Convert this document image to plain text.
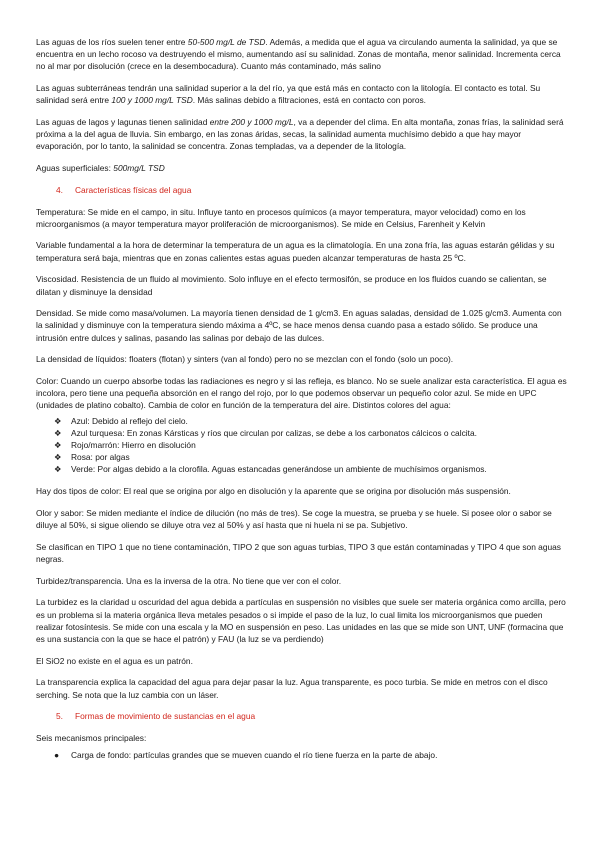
Las aguas de los ríos suelen tener entre 50-500 mg/L de TSD. Además, a medida que el agua va circulando aumenta la salinidad, ya que se encuentra en un lecho rocoso va destruyendo el mismo, aumentando así su salinidad. Zonas de montaña, menor salinidad. Incrementa cerca no al mar por disolución (crece en la desembocadura). Cuanto más contaminado, más salino

Las aguas subterráneas tendrán una salinidad superior a la del río, ya que está más en contacto con la litología. El contacto es total. Su salinidad será entre 100 y 1000 mg/L TSD. Más salinas debido a filtraciones, está en contacto con poros.

Las aguas de lagos y lagunas tienen salinidad entre 200 y 1000 mg/L, va a depender del clima. En alta montaña, zonas frías, la salinidad será próxima a la del agua de lluvia. Sin embargo, en las zonas áridas, secas, la salinidad aumenta muchísimo debido a que hay mayor evaporación, por lo tanto, la salinidad se concentra. Zonas templadas, va a depender de la litología.

Aguas superficiales: 500mg/L TSD

4. Características físicas del agua

Temperatura: Se mide en el campo, in situ. Influye tanto en procesos químicos (a mayor temperatura, mayor velocidad) como en los microorganismos (a mayor temperatura mayor proliferación de microorganismos). Se mide en Celsius, Farenheit y Kelvin

Variable fundamental a la hora de determinar la temperatura de un agua es la climatología. En una zona fría, las aguas estarán gélidas y su temperatura será baja, mientras que en zonas calientes estas aguas pueden alcanzar temperaturas de hasta 25 ºC.

Viscosidad. Resistencia de un fluido al movimiento. Solo influye en el efecto termosifón, se produce en los fluidos cuando se calientan, se dilatan y disminuye la densidad

Densidad. Se mide como masa/volumen. La mayoría tienen densidad de 1 g/cm3. En aguas saladas, densidad de 1.025 g/cm3. Aumenta con la salinidad y disminuye con la temperatura siendo máxima a 4ºC, se hace menos densa cuando pasa a estado sólido. Se produce una intrusión entre dulces y salinas, pasando las salinas por debajo de las dulces.

La densidad de líquidos: floaters (flotan) y sinters (van al fondo) pero no se mezclan con el fondo (solo un poco).

Color: Cuando un cuerpo absorbe todas las radiaciones es negro y si las refleja, es blanco. No se suele analizar esta característica. El agua es incolora, pero tiene una pequeña absorción en el rango del rojo, por lo que podemos observar un pequeño color azul. Se mide en UPC (unidades de platino cobalto). Cambia de color en función de la temperatura del aire. Distintos colores del agua:

❖ Azul: Debido al reflejo del cielo.
❖ Azul turquesa: En zonas Kársticas y ríos que circulan por calizas, se debe a los carbonatos cálcicos o calcita.
❖ Rojo/marrón: Hierro en disolución
❖ Rosa: por algas
❖ Verde: Por algas debido a la clorofila. Aguas estancadas generándose un ambiente de muchísimos organismos.

Hay dos tipos de color: El real que se origina por algo en disolución y la aparente que se origina por disolución más suspensión.

Olor y sabor: Se miden mediante el índice de dilución (no más de tres). Se coge la muestra, se prueba y se huele. Si posee olor o sabor se diluye al 50%, si sigue oliendo se diluye otra vez al 50% y así hasta que ni huela ni se pa. Subjetivo.

Se clasifican en TIPO 1 que no tiene contaminación, TIPO 2 que son aguas turbias, TIPO 3 que están contaminadas y TIPO 4 que son aguas negras.

Turbidez/transparencia. Una es la inversa de la otra. No tiene que ver con el color.

La turbidez es la claridad u oscuridad del agua debida a partículas en suspensión no visibles que suele ser materia orgánica como arcilla, pero es un problema si la materia orgánica lleva metales pesados o si impide el paso de la luz, lo cual limita los microorganismos que pueden realizar fotosíntesis. Se mide con una escala y la MO en suspensión en peso. Las unidades en las que se mide son UNT, UNF (formacina que es una sustancia con la que se hace el patrón) y FAU (la luz se va perdiendo)

El SiO2 no existe en el agua es un patrón.

La transparencia explica la capacidad del agua para dejar pasar la luz. Agua transparente, es poco turbia. Se mide en metros con el disco serching. Se nota que la luz cambia con un láser.

5. Formas de movimiento de sustancias en el agua

Seis mecanismos principales:

● Carga de fondo: partículas grandes que se mueven cuando el río tiene fuerza en la parte de abajo.
